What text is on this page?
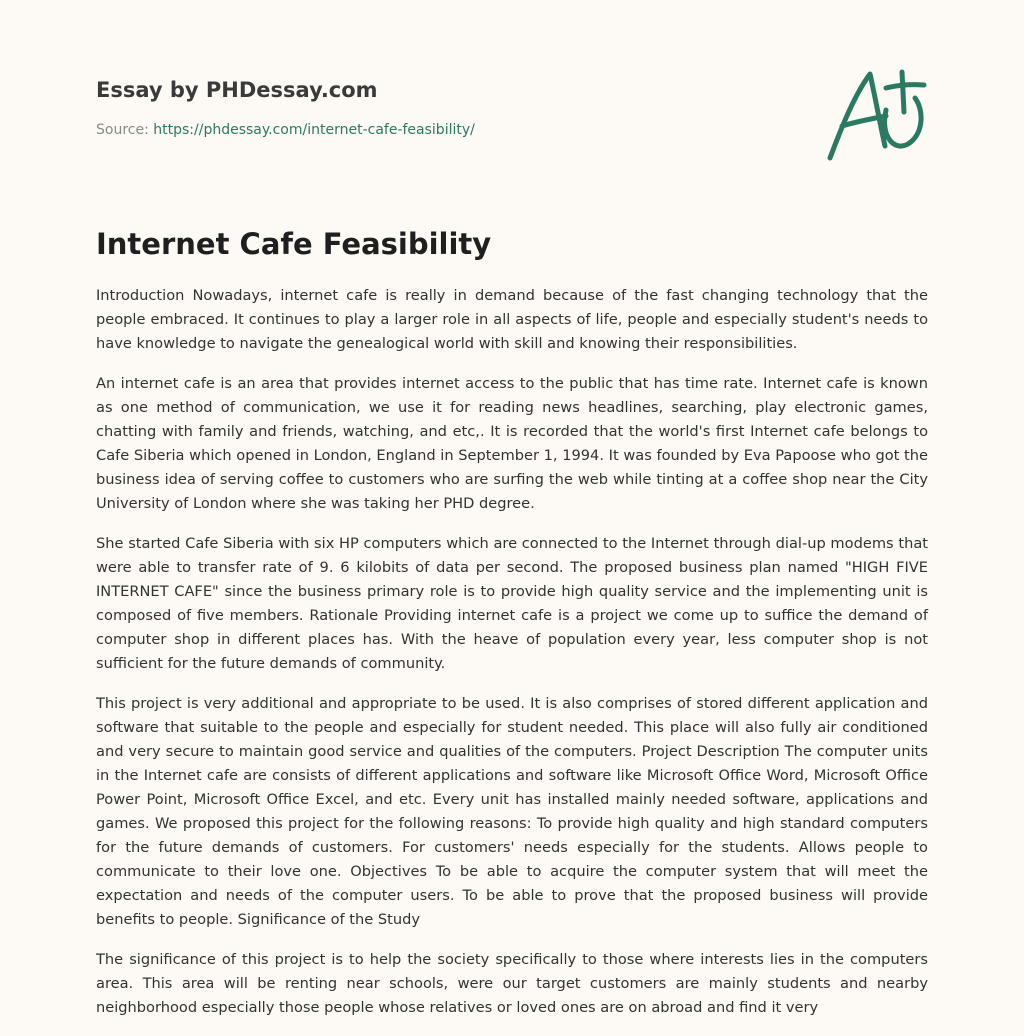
Essay by PHDessay.com
Source: https://phdessay.com/internet-cafe-feasibility/
Internet Cafe Feasibility

Introduction Nowadays, internet cafe is really in demand because of the fast changing technology that the people embraced. It continues to play a larger role in all aspects of life, people and especially student's needs to have knowledge to navigate the genealogical world with skill and knowing their responsibilities.

An internet cafe is an area that provides internet access to the public that has time rate. Internet cafe is known as one method of communication, we use it for reading news headlines, searching, play electronic games, chatting with family and friends, watching, and etc,. It is recorded that the world's first Internet cafe belongs to Cafe Siberia which opened in London, England in September 1, 1994. It was founded by Eva Papoose who got the business idea of serving coffee to customers who are surfing the web while tinting at a coffee shop near the City University of London where she was taking her PHD degree.

She started Cafe Siberia with six HP computers which are connected to the Internet through dial-up modems that were able to transfer rate of 9. 6 kilobits of data per second. The proposed business plan named "HIGH FIVE INTERNET CAFE" since the business primary role is to provide high quality service and the implementing unit is composed of five members. Rationale Providing internet cafe is a project we come up to suffice the demand of computer shop in different places has. With the heave of population every year, less computer shop is not sufficient for the future demands of community.

This project is very additional and appropriate to be used. It is also comprises of stored different application and software that suitable to the people and especially for student needed. This place will also fully air conditioned and very secure to maintain good service and qualities of the computers. Project Description The computer units in the Internet cafe are consists of different applications and software like Microsoft Office Word, Microsoft Office Power Point, Microsoft Office Excel, and etc. Every unit has installed mainly needed software, applications and games. We proposed this project for the following reasons: To provide high quality and high standard computers for the future demands of customers. For customers' needs especially for the students. Allows people to communicate to their love one. Objectives To be able to acquire the computer system that will meet the expectation and needs of the computer users. To be able to prove that the proposed business will provide benefits to people. Significance of the Study

The significance of this project is to help the society specifically to those where interests lies in the computers area. This area will be renting near schools, were our target customers are mainly students and nearby neighborhood especially those people whose relatives or loved ones are on abroad and find it very
